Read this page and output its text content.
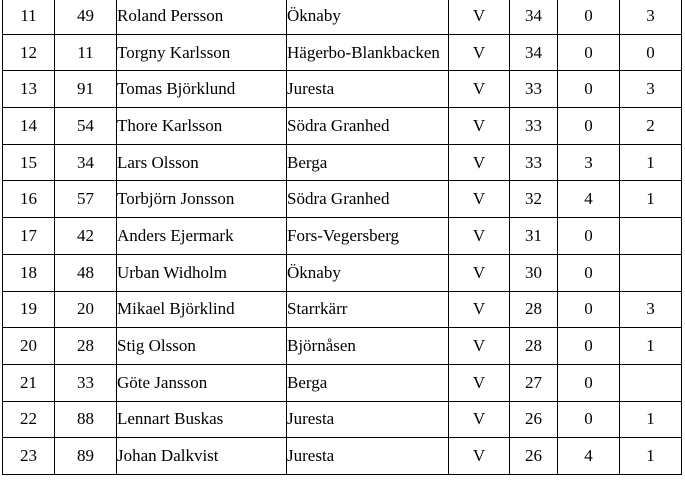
11	49	Roland Persson	Öknaby	V	34	0	3
12	11	Torgny Karlsson	Hägerbo-Blankbacken	V	34	0	0
13	91	Tomas Björklund	Juresta	V	33	0	3
14	54	Thore Karlsson	Södra Granhed	V	33	0	2
15	34	Lars Olsson	Berga	V	33	3	1
16	57	Torbjörn Jonsson	Södra Granhed	V	32	4	1
17	42	Anders Ejermark	Fors-Vegersberg	V	31	0	
18	48	Urban Widholm	Öknaby	V	30	0	
19	20	Mikael Björklind	Starrkärr	V	28	0	3
20	28	Stig Olsson	Björnåsen	V	28	0	1
21	33	Göte Jansson	Berga	V	27	0	
22	88	Lennart Buskas	Juresta	V	26	0	1
23	89	Johan Dalkvist	Juresta	V	26	4	1
